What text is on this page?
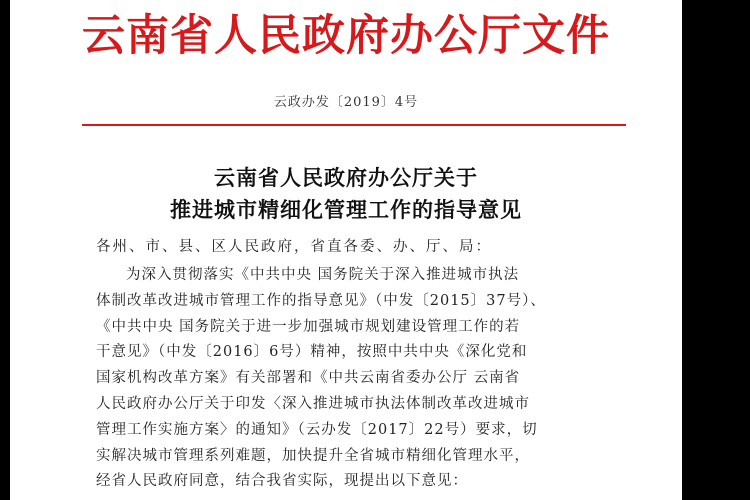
云南省人民政府办公厅文件
云政办发〔2019〕4号
云南省人民政府办公厅关于
推进城市精细化管理工作的指导意见
各州、市、县、区人民政府，省直各委、办、厅、局：
为深入贯彻落实《中共中央 国务院关于深入推进城市执法
体制改革改进城市管理工作的指导意见》（中发〔2015〕37号）、
《中共中央 国务院关于进一步加强城市规划建设管理工作的若
干意见》（中发〔2016〕6号）精神，按照中共中央《深化党和
国家机构改革方案》有关部署和《中共云南省委办公厅 云南省
人民政府办公厅关于印发〈深入推进城市执法体制改革改进城市
管理工作实施方案〉的通知》（云办发〔2017〕22号）要求，切
实解决城市管理系列难题，加快提升全省城市精细化管理水平，
经省人民政府同意，结合我省实际，现提出以下意见：
